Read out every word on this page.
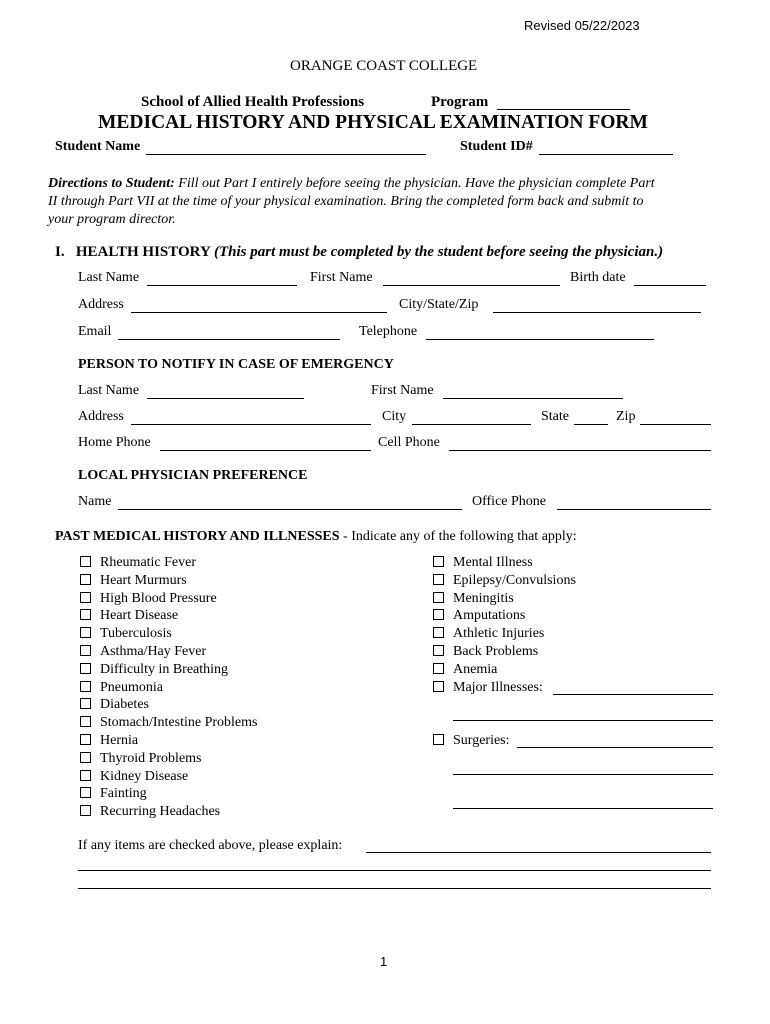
Revised 05/22/2023
ORANGE COAST COLLEGE
School of Allied Health Professions	Program
MEDICAL HISTORY AND PHYSICAL EXAMINATION FORM
Student Name	Student ID#
Directions to Student: Fill out Part I entirely before seeing the physician. Have the physician complete Part
II through Part VII at the time of your physical examination. Bring the completed form back and submit to
your program director.
I. HEALTH HISTORY (This part must be completed by the student before seeing the physician.)
Last Name	First Name	Birth date
Address	City/State/Zip
Email	Telephone
PERSON TO NOTIFY IN CASE OF EMERGENCY
Last Name	First Name
Address	City	State	Zip
Home Phone	Cell Phone
LOCAL PHYSICIAN PREFERENCE
Name	Office Phone
PAST MEDICAL HISTORY AND ILLNESSES - Indicate any of the following that apply:
Rheumatic Fever
Heart Murmurs
High Blood Pressure
Heart Disease
Tuberculosis
Asthma/Hay Fever
Difficulty in Breathing
Pneumonia
Diabetes
Stomach/Intestine Problems
Hernia
Thyroid Problems
Kidney Disease
Fainting
Recurring Headaches
Mental Illness
Epilepsy/Convulsions
Meningitis
Amputations
Athletic Injuries
Back Problems
Anemia
Major Illnesses:
Surgeries:
If any items are checked above, please explain:
1
